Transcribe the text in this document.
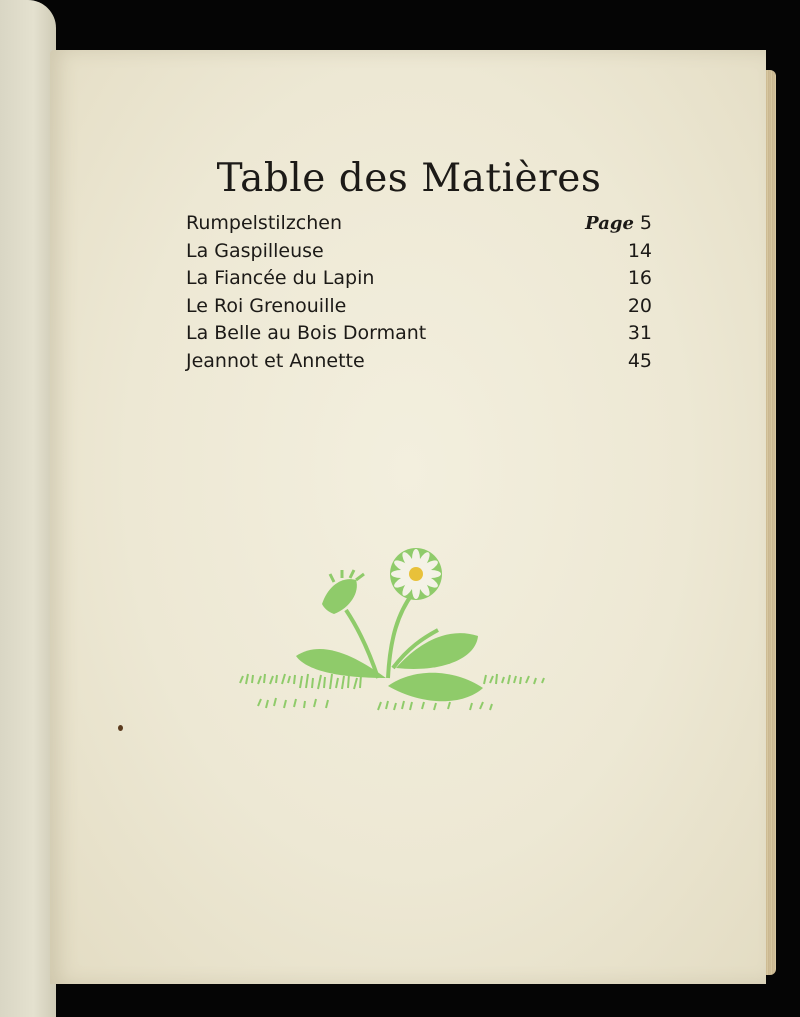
Table des Matières
Rumpelstilzchen	Page 5
La Gaspilleuse	14
La Fiancée du Lapin	16
Le Roi Grenouille	20
La Belle au Bois Dormant	31
Jeannot et Annette	45
